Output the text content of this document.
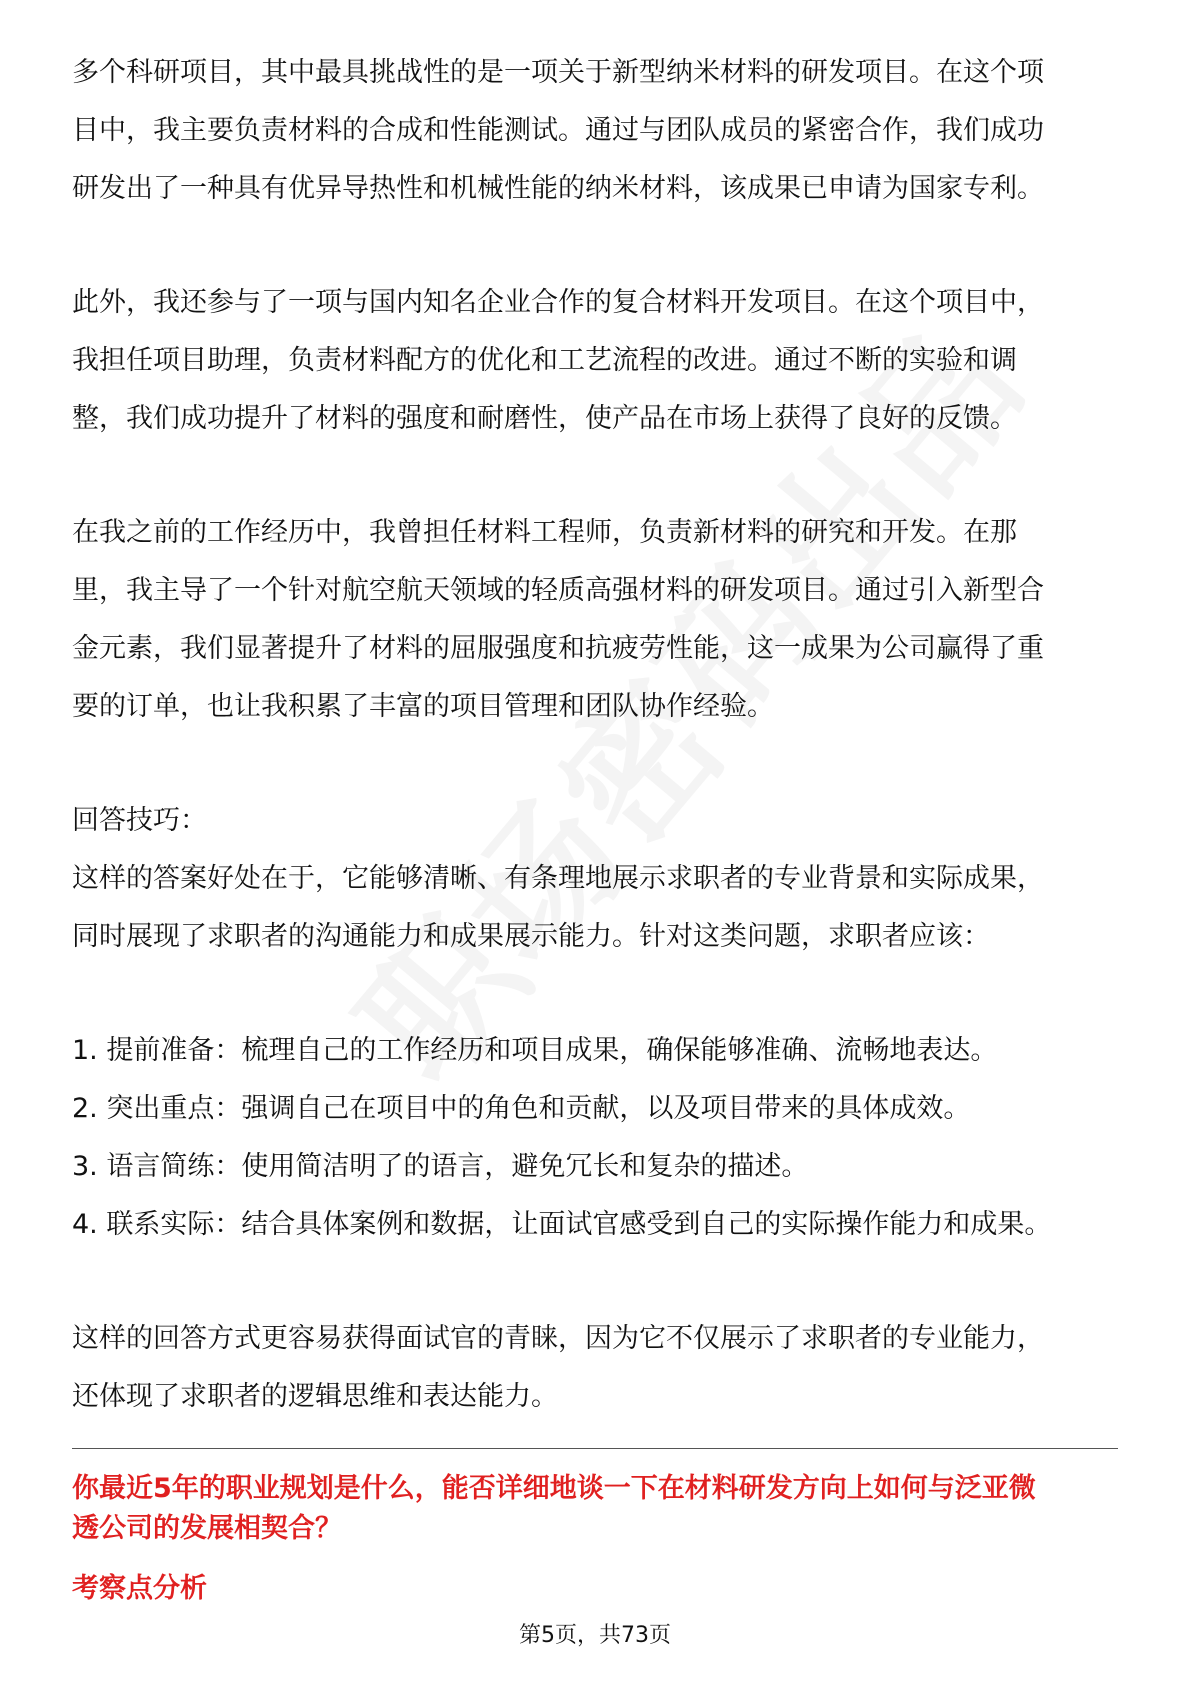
多个科研项目，其中最具挑战性的是一项关于新型纳米材料的研发项目。在这个项

目中，我主要负责材料的合成和性能测试。通过与团队成员的紧密合作，我们成功

研发出了一种具有优异导热性和机械性能的纳米材料，该成果已申请为国家专利。

此外，我还参与了一项与国内知名企业合作的复合材料开发项目。在这个项目中，

我担任项目助理，负责材料配方的优化和工艺流程的改进。通过不断的实验和调

整，我们成功提升了材料的强度和耐磨性，使产品在市场上获得了良好的反馈。

在我之前的工作经历中，我曾担任材料工程师，负责新材料的研究和开发。在那

里，我主导了一个针对航空航天领域的轻质高强材料的研发项目。通过引入新型合

金元素，我们显著提升了材料的屈服强度和抗疲劳性能，这一成果为公司赢得了重

要的订单，也让我积累了丰富的项目管理和团队协作经验。

回答技巧：

这样的答案好处在于，它能够清晰、有条理地展示求职者的专业背景和实际成果，

同时展现了求职者的沟通能力和成果展示能力。针对这类问题，求职者应该：

1. 提前准备：梳理自己的工作经历和项目成果，确保能够准确、流畅地表达。

2. 突出重点：强调自己在项目中的角色和贡献，以及项目带来的具体成效。

3. 语言简练：使用简洁明了的语言，避免冗长和复杂的描述。

4. 联系实际：结合具体案例和数据，让面试官感受到自己的实际操作能力和成果。

这样的回答方式更容易获得面试官的青睐，因为它不仅展示了求职者的专业能力，

还体现了求职者的逻辑思维和表达能力。

你最近5年的职业规划是什么，能否详细地谈一下在材料研发方向上如何与泛亚微

透公司的发展相契合？

考察点分析

第5页，共73页
